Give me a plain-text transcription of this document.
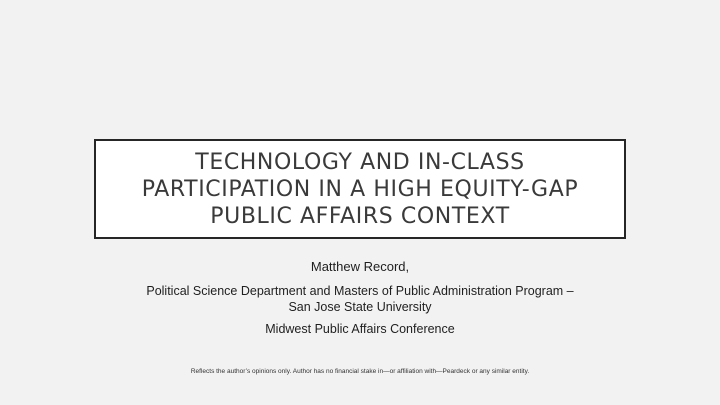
TECHNOLOGY AND IN-CLASS PARTICIPATION IN A HIGH EQUITY-GAP PUBLIC AFFAIRS CONTEXT
Matthew Record,
Political Science Department and Masters of Public Administration Program – San Jose State University
Midwest Public Affairs Conference
Reflects the author’s opinions only. Author has no financial stake in—or affiliation with—Peardeck or any similar entity.
